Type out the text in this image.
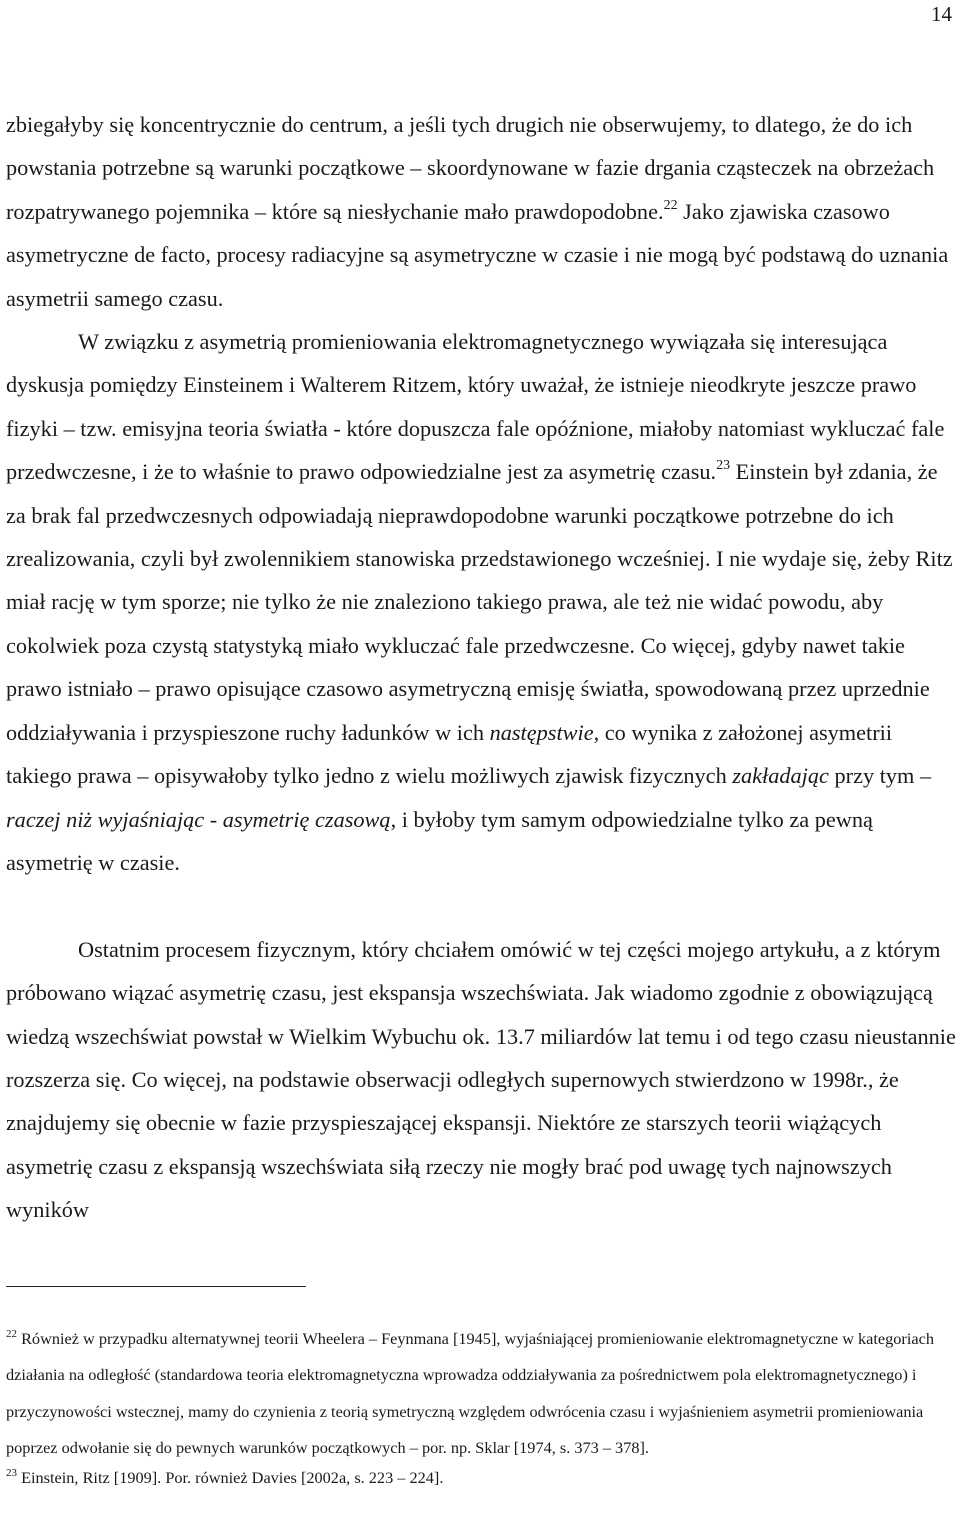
14

zbiegałyby się koncentrycznie do centrum, a jeśli tych drugich nie obserwujemy, to dlatego, że do ich powstania potrzebne są warunki początkowe – skoordynowane w fazie drgania cząsteczek na obrzeżach rozpatrywanego pojemnika – które są niesłychanie mało prawdopodobne.$^{22}$ Jako zjawiska czasowo asymetryczne de facto, procesy radiacyjne są asymetryczne w czasie i nie mogą być podstawą do uznania asymetrii samego czasu.

W związku z asymetrią promieniowania elektromagnetycznego wywiązała się interesująca dyskusja pomiędzy Einsteinem i Walterem Ritzem, który uważał, że istnieje nieodkryte jeszcze prawo fizyki – tzw. emisyjna teoria światła - które dopuszcza fale opóźnione, miałoby natomiast wykluczać fale przedwczesne, i że to właśnie to prawo odpowiedzialne jest za asymetrię czasu.$^{23}$ Einstein był zdania, że za brak fal przedwczesnych odpowiadają nieprawdopodobne warunki początkowe potrzebne do ich zrealizowania, czyli był zwolennikiem stanowiska przedstawionego wcześniej. I nie wydaje się, żeby Ritz miał rację w tym sporze; nie tylko że nie znaleziono takiego prawa, ale też nie widać powodu, aby cokolwiek poza czystą statystyką miało wykluczać fale przedwczesne. Co więcej, gdyby nawet takie prawo istniało – prawo opisujące czasowo asymetryczną emisję światła, spowodowaną przez uprzednie oddziaływania i przyspieszone ruchy ładunków w ich następstwie, co wynika z założonej asymetrii takiego prawa – opisywałoby tylko jedno z wielu możliwych zjawisk fizycznych zakładając przy tym – raczej niż wyjaśniając - asymetrię czasową, i byłoby tym samym odpowiedzialne tylko za pewną asymetrię w czasie.

Ostatnim procesem fizycznym, który chciałem omówić w tej części mojego artykułu, a z którym próbowano wiązać asymetrię czasu, jest ekspansja wszechświata. Jak wiadomo zgodnie z obowiązującą wiedzą wszechświat powstał w Wielkim Wybuchu ok. 13.7 miliardów lat temu i od tego czasu nieustannie rozszerza się. Co więcej, na podstawie obserwacji odległych supernowych stwierdzono w 1998r., że znajdujemy się obecnie w fazie przyspieszającej ekspansji. Niektóre ze starszych teorii wiążących asymetrię czasu z ekspansją wszechświata siłą rzeczy nie mogły brać pod uwagę tych najnowszych wyników

$^{22}$ Również w przypadku alternatywnej teorii Wheelera – Feynmana [1945], wyjaśniającej promieniowanie elektromagnetyczne w kategoriach działania na odległość (standardowa teoria elektromagnetyczna wprowadza oddziaływania za pośrednictwem pola elektromagnetycznego) i przyczynowości wstecznej, mamy do czynienia z teorią symetryczną względem odwrócenia czasu i wyjaśnieniem asymetrii promieniowania poprzez odwołanie się do pewnych warunków początkowych – por. np. Sklar [1974, s. 373 – 378].

$^{23}$ Einstein, Ritz [1909]. Por. również Davies [2002a, s. 223 – 224].
